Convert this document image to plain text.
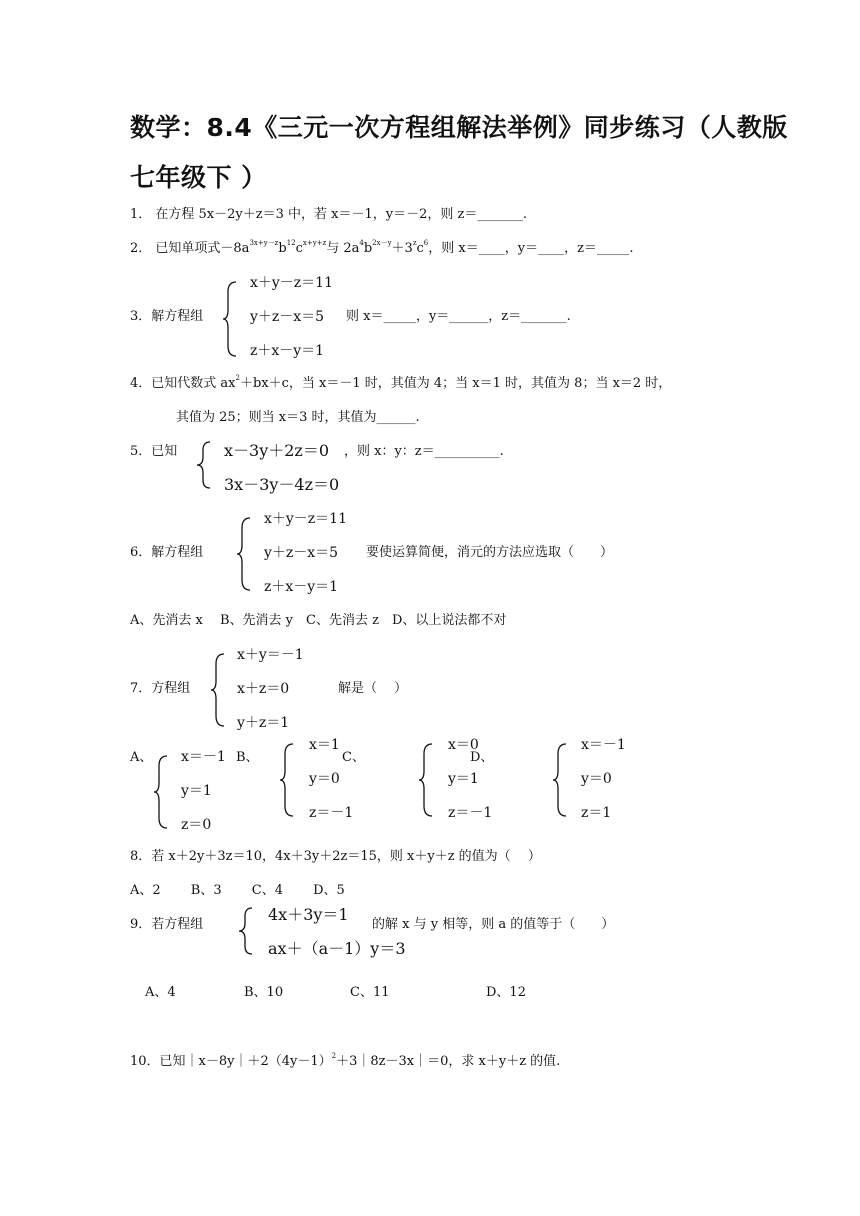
数学：8.4《三元一次方程组解法举例》同步练习（人教版
七年级下 ）
1． 在方程 5x－2y＋z＝3 中，若 x＝－1，y＝－2，则 z＝_______.
2． 已知单项式$-8a^{3x+y-z}b^{12}c^{x+y+z}$与 $2a^4b^{2x-y}+3^zc^6$，则 x＝____，y＝____，z＝_____.
3．解方程组
x＋y－z＝11
y＋z－x＝5
z＋x－y＝1
则 x＝_____，y＝______，z＝_______.
4．已知代数式 $ax^2+bx+c$，当 x＝－1 时，其值为 4；当 x＝1 时，其值为 8；当 x＝2 时，
其值为 25；则当 x＝3 时，其值为______.
5．已知	x－3y＋2z＝0
3x－3y－4z＝0
，则 x：y：z＝__________.
6．解方程组
x＋y－z＝11
y＋z－x＝5
z＋x－y＝1
要使运算简便，消元的方法应选取（　　）
A、先消去 x　 B、先消去 y　C、先消去 z　D、以上说法都不对
7．方程组
x＋y＝－1
x＋z＝0
y＋z＝1
解是（　 ）
A、 x＝－1
y＝1
z＝0
B、
x＝1
y＝0
z＝－1
C、
x＝0
y＝1
z＝－1
D、
x＝－1
y＝0
z＝1
8．若 x＋2y＋3z＝10，4x＋3y＋2z＝15，则 x＋y＋z 的值为（　 ）
A、2　　 B、3　　 C、4　　 D、5
9．若方程组
4x＋3y＝1
ax＋（a－1）y＝3
的解 x 与 y 相等，则 a 的值等于（　　）
A、4	B、10	C、11	D、12
10．已知$|x-8y|+2(4y-1)^2+3|8z-3x|=0$，求 x＋y＋z 的值.
